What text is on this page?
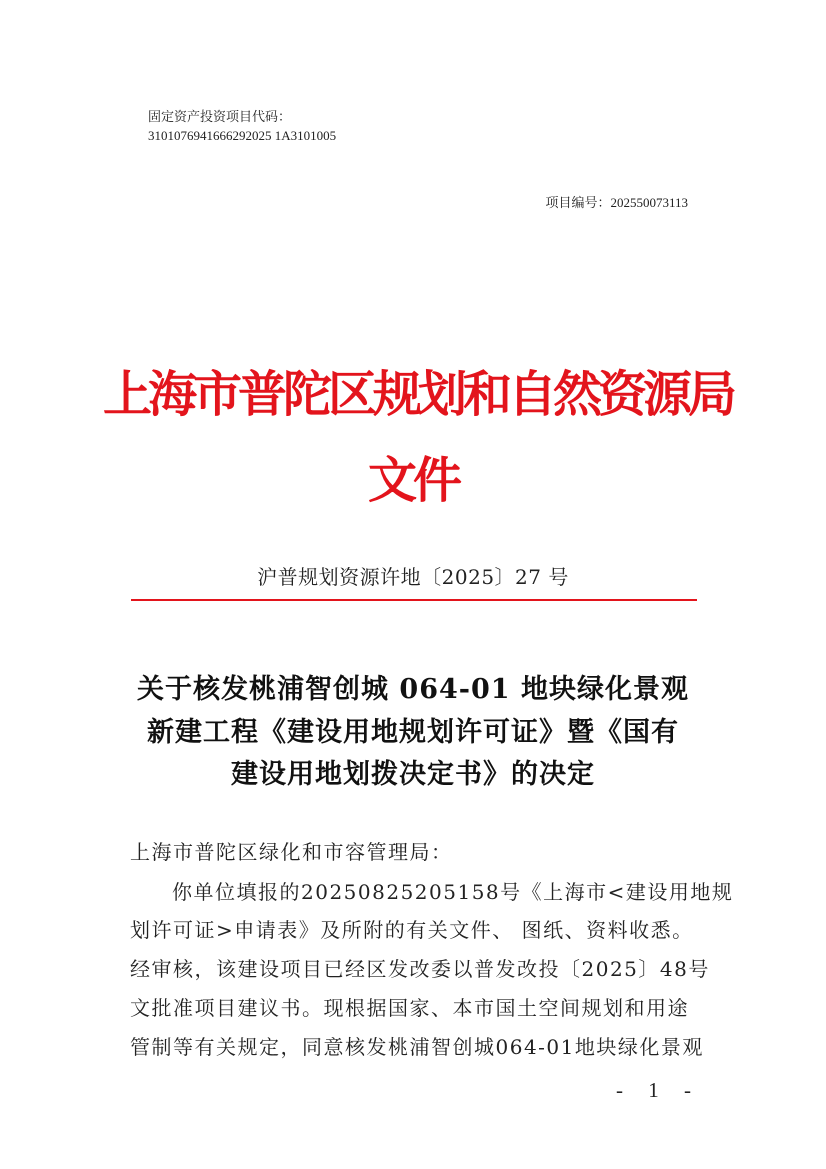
固定资产投资项目代码：
3101076941666292025 1A3101005
项目编号：202550073113
上海市普陀区规划和自然资源局
文件
沪普规划资源许地〔2025〕27 号
关于核发桃浦智创城 064-01 地块绿化景观
新建工程《建设用地规划许可证》暨《国有
建设用地划拨决定书》的决定
上海市普陀区绿化和市容管理局：
你单位填报的20250825205158号《上海市<建设用地规
划许可证>申请表》及所附的有关文件、 图纸、资料收悉。
经审核，该建设项目已经区发改委以普发改投〔2025〕48号
文批准项目建议书。现根据国家、本市国土空间规划和用途
管制等有关规定，同意核发桃浦智创城064-01地块绿化景观
- 1 -
